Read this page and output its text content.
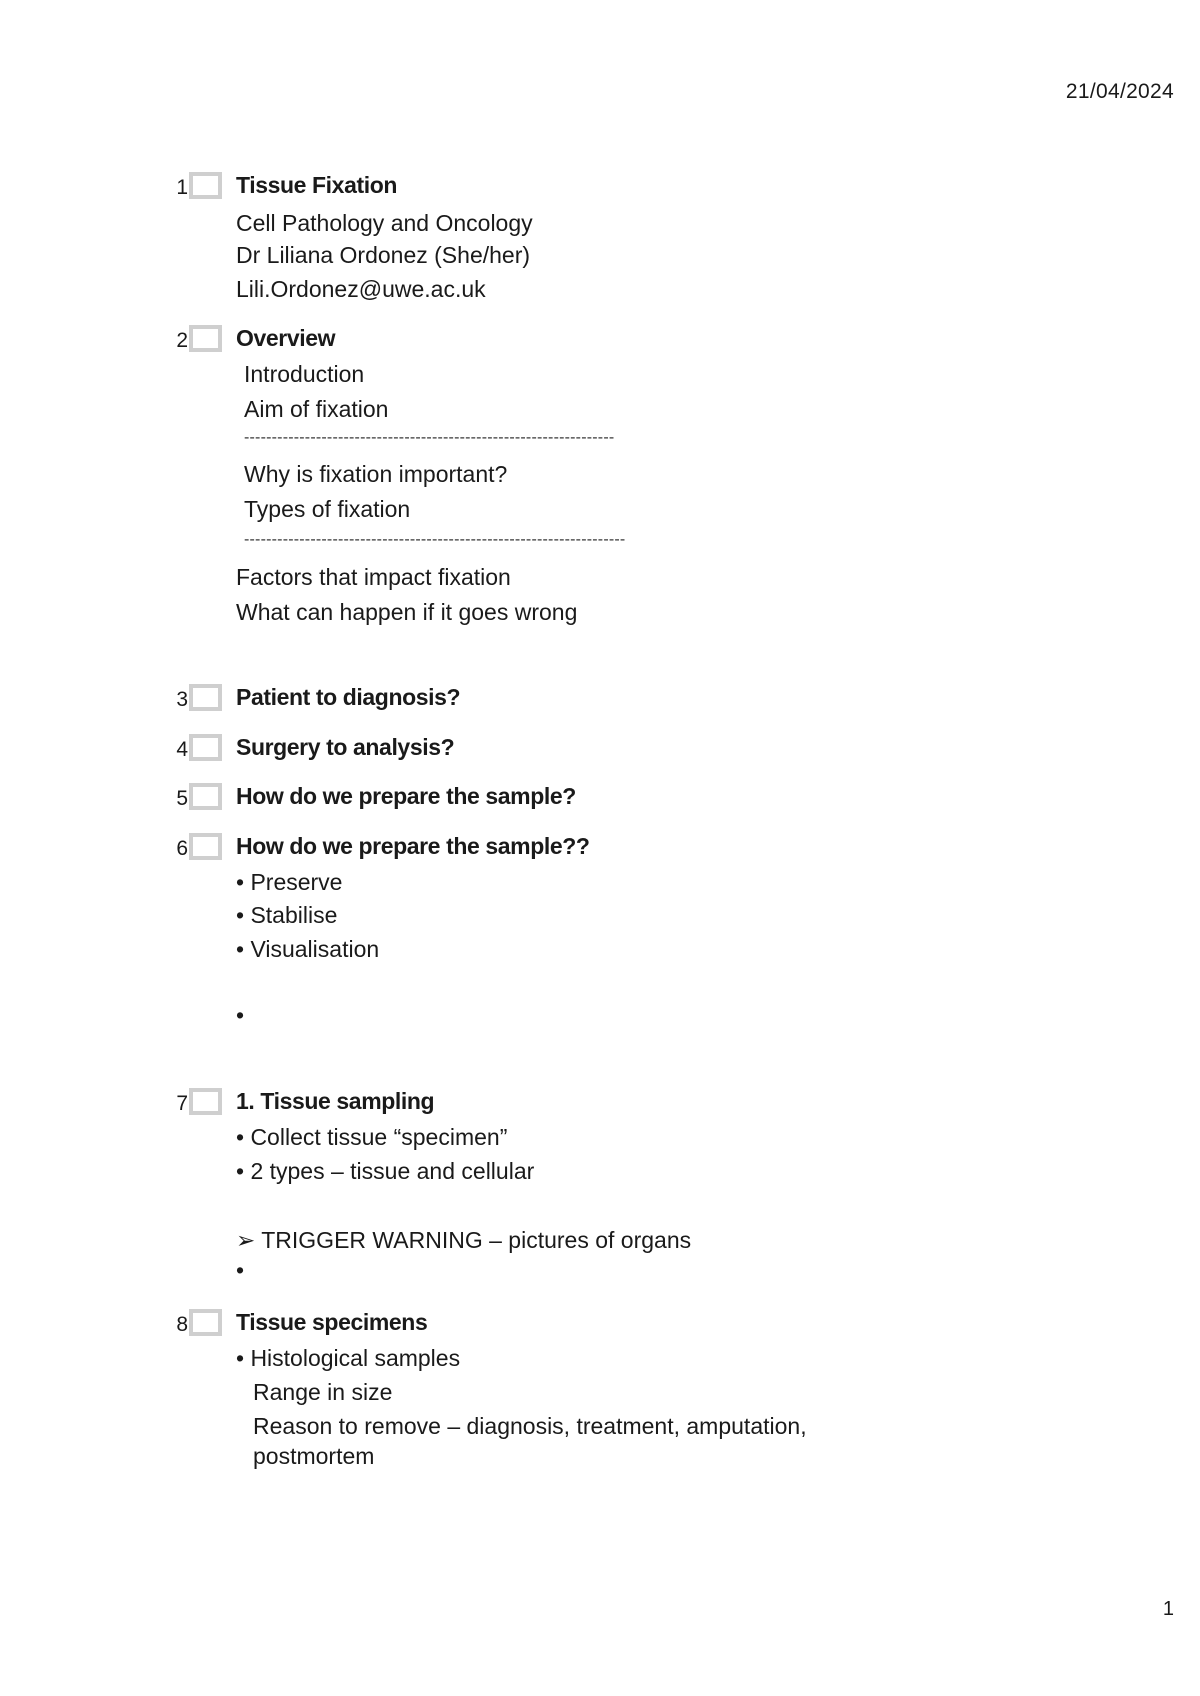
21/04/2024
1 Tissue Fixation
Cell Pathology and Oncology
Dr Liliana Ordonez (She/her)
Lili.Ordonez@uwe.ac.uk
2 Overview
Introduction
Aim of fixation
-------------------------------------------------------------------
Why is fixation important?
Types of fixation
---------------------------------------------------------------------
Factors that impact fixation
What can happen if it goes wrong
3 Patient to diagnosis?
4 Surgery to analysis?
5 How do we prepare the sample?
6 How do we prepare the sample??
• Preserve
• Stabilise
• Visualisation
•
7 1. Tissue sampling
• Collect tissue “specimen”
• 2 types – tissue and cellular
➢ TRIGGER WARNING – pictures of organs
•
8 Tissue specimens
• Histological samples
Range in size
Reason to remove – diagnosis, treatment, amputation,
postmortem
1
